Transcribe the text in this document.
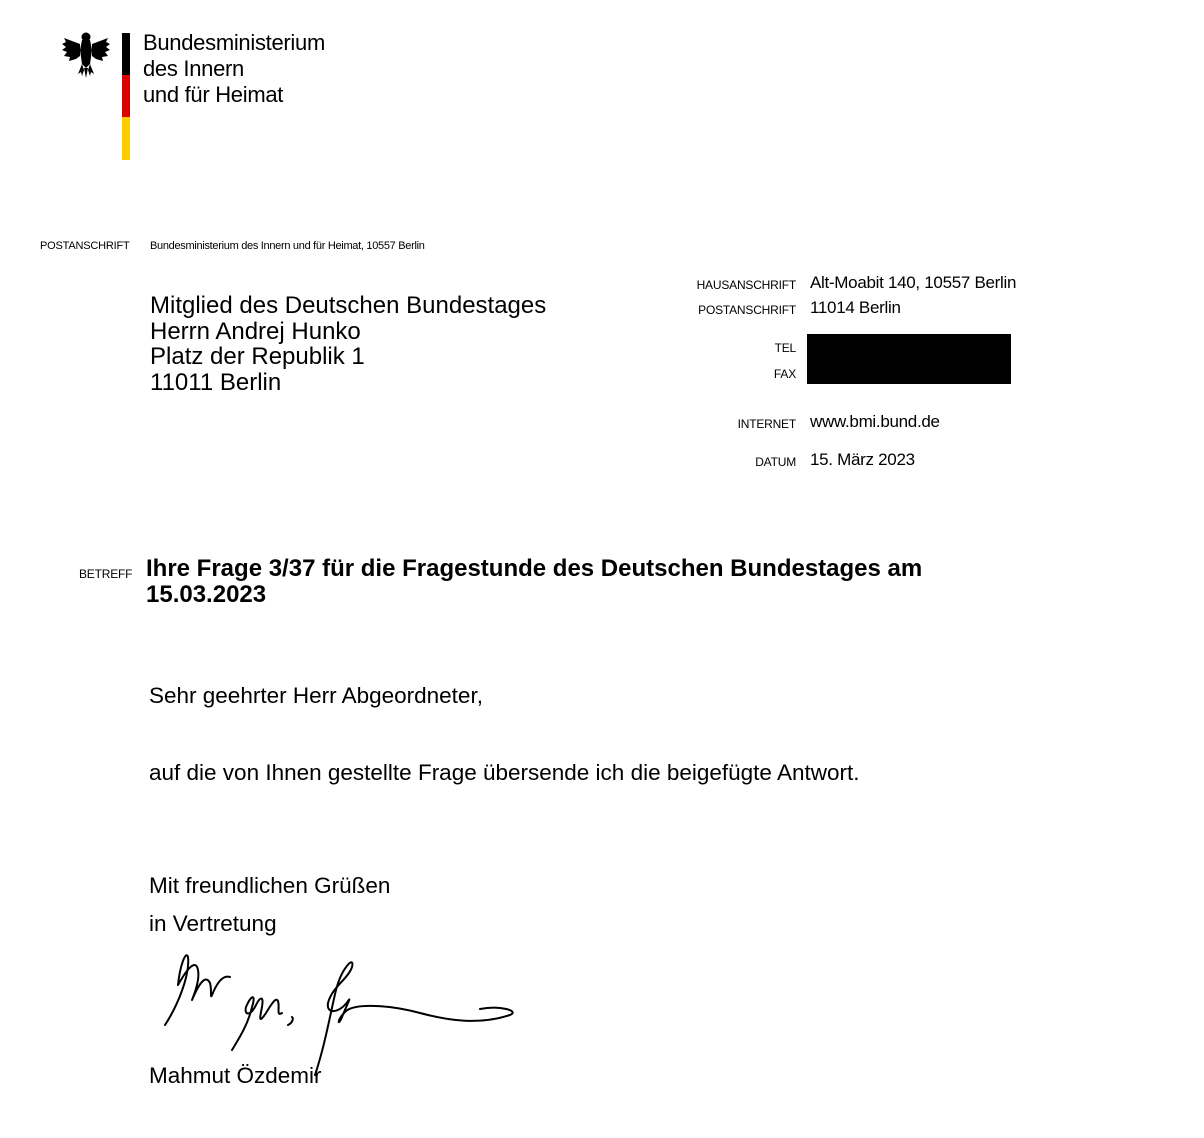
Bundesministerium
des Innern
und für Heimat
POSTANSCHRIFT Bundesministerium des Innern und für Heimat, 10557 Berlin
Mitglied des Deutschen Bundestages
Herrn Andrej Hunko
Platz der Republik 1
11011 Berlin
HAUSANSCHRIFT Alt-Moabit 140, 10557 Berlin
POSTANSCHRIFT 11014 Berlin
TEL
FAX
INTERNET www.bmi.bund.de
DATUM 15. März 2023
BETREFF Ihre Frage 3/37 für die Fragestunde des Deutschen Bundestages am 15.03.2023
Sehr geehrter Herr Abgeordneter,
auf die von Ihnen gestellte Frage übersende ich die beigefügte Antwort.
Mit freundlichen Grüßen
in Vertretung
Mahmut Özdemir
